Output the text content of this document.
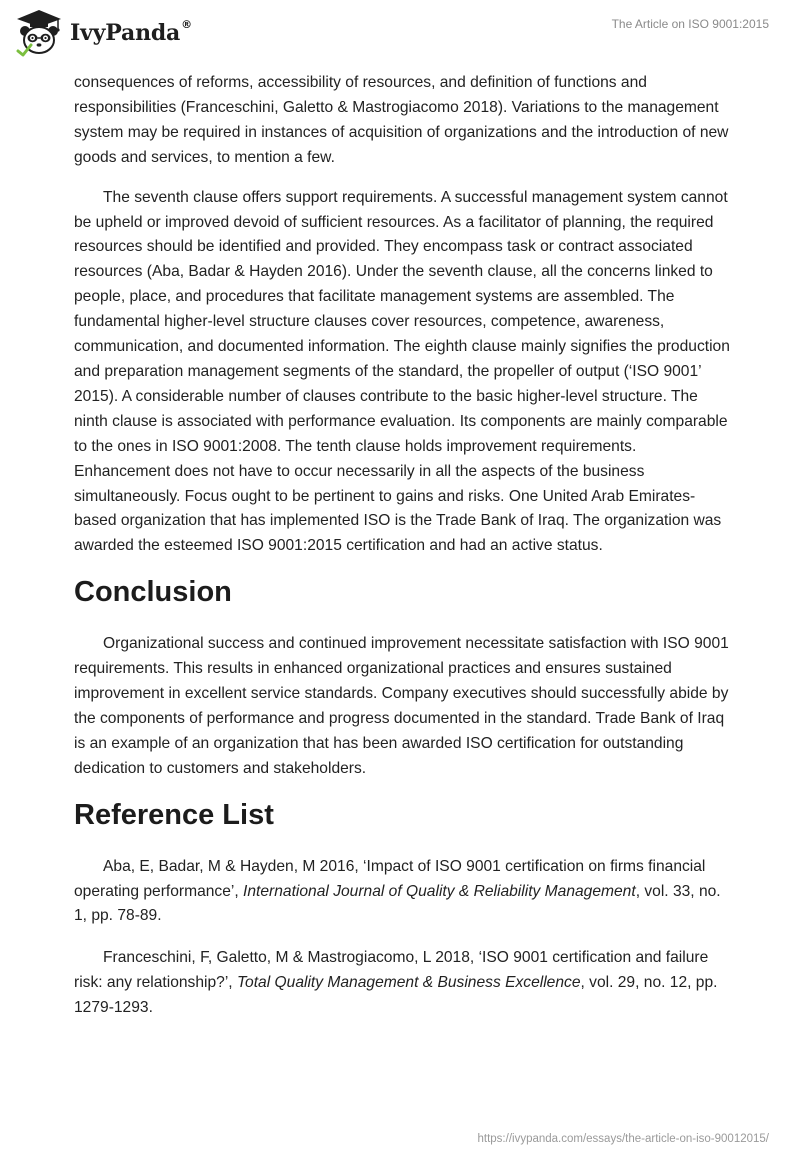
IvyPanda®	The Article on ISO 9001:2015

consequences of reforms, accessibility of resources, and definition of functions and responsibilities (Franceschini, Galetto & Mastrogiacomo 2018). Variations to the management system may be required in instances of acquisition of organizations and the introduction of new goods and services, to mention a few.

The seventh clause offers support requirements. A successful management system cannot be upheld or improved devoid of sufficient resources. As a facilitator of planning, the required resources should be identified and provided. They encompass task or contract associated resources (Aba, Badar & Hayden 2016). Under the seventh clause, all the concerns linked to people, place, and procedures that facilitate management systems are assembled. The fundamental higher-level structure clauses cover resources, competence, awareness, communication, and documented information. The eighth clause mainly signifies the production and preparation management segments of the standard, the propeller of output (‘ISO 9001’ 2015). A considerable number of clauses contribute to the basic higher-level structure. The ninth clause is associated with performance evaluation. Its components are mainly comparable to the ones in ISO 9001:2008. The tenth clause holds improvement requirements. Enhancement does not have to occur necessarily in all the aspects of the business simultaneously. Focus ought to be pertinent to gains and risks. One United Arab Emirates-based organization that has implemented ISO is the Trade Bank of Iraq. The organization was awarded the esteemed ISO 9001:2015 certification and had an active status.

Conclusion

Organizational success and continued improvement necessitate satisfaction with ISO 9001 requirements. This results in enhanced organizational practices and ensures sustained improvement in excellent service standards. Company executives should successfully abide by the components of performance and progress documented in the standard. Trade Bank of Iraq is an example of an organization that has been awarded ISO certification for outstanding dedication to customers and stakeholders.

Reference List

Aba, E, Badar, M & Hayden, M 2016, ‘Impact of ISO 9001 certification on firms financial operating performance’, International Journal of Quality & Reliability Management, vol. 33, no. 1, pp. 78-89.

Franceschini, F, Galetto, M & Mastrogiacomo, L 2018, ‘ISO 9001 certification and failure risk: any relationship?’, Total Quality Management & Business Excellence, vol. 29, no. 12, pp. 1279-1293.

https://ivypanda.com/essays/the-article-on-iso-90012015/
